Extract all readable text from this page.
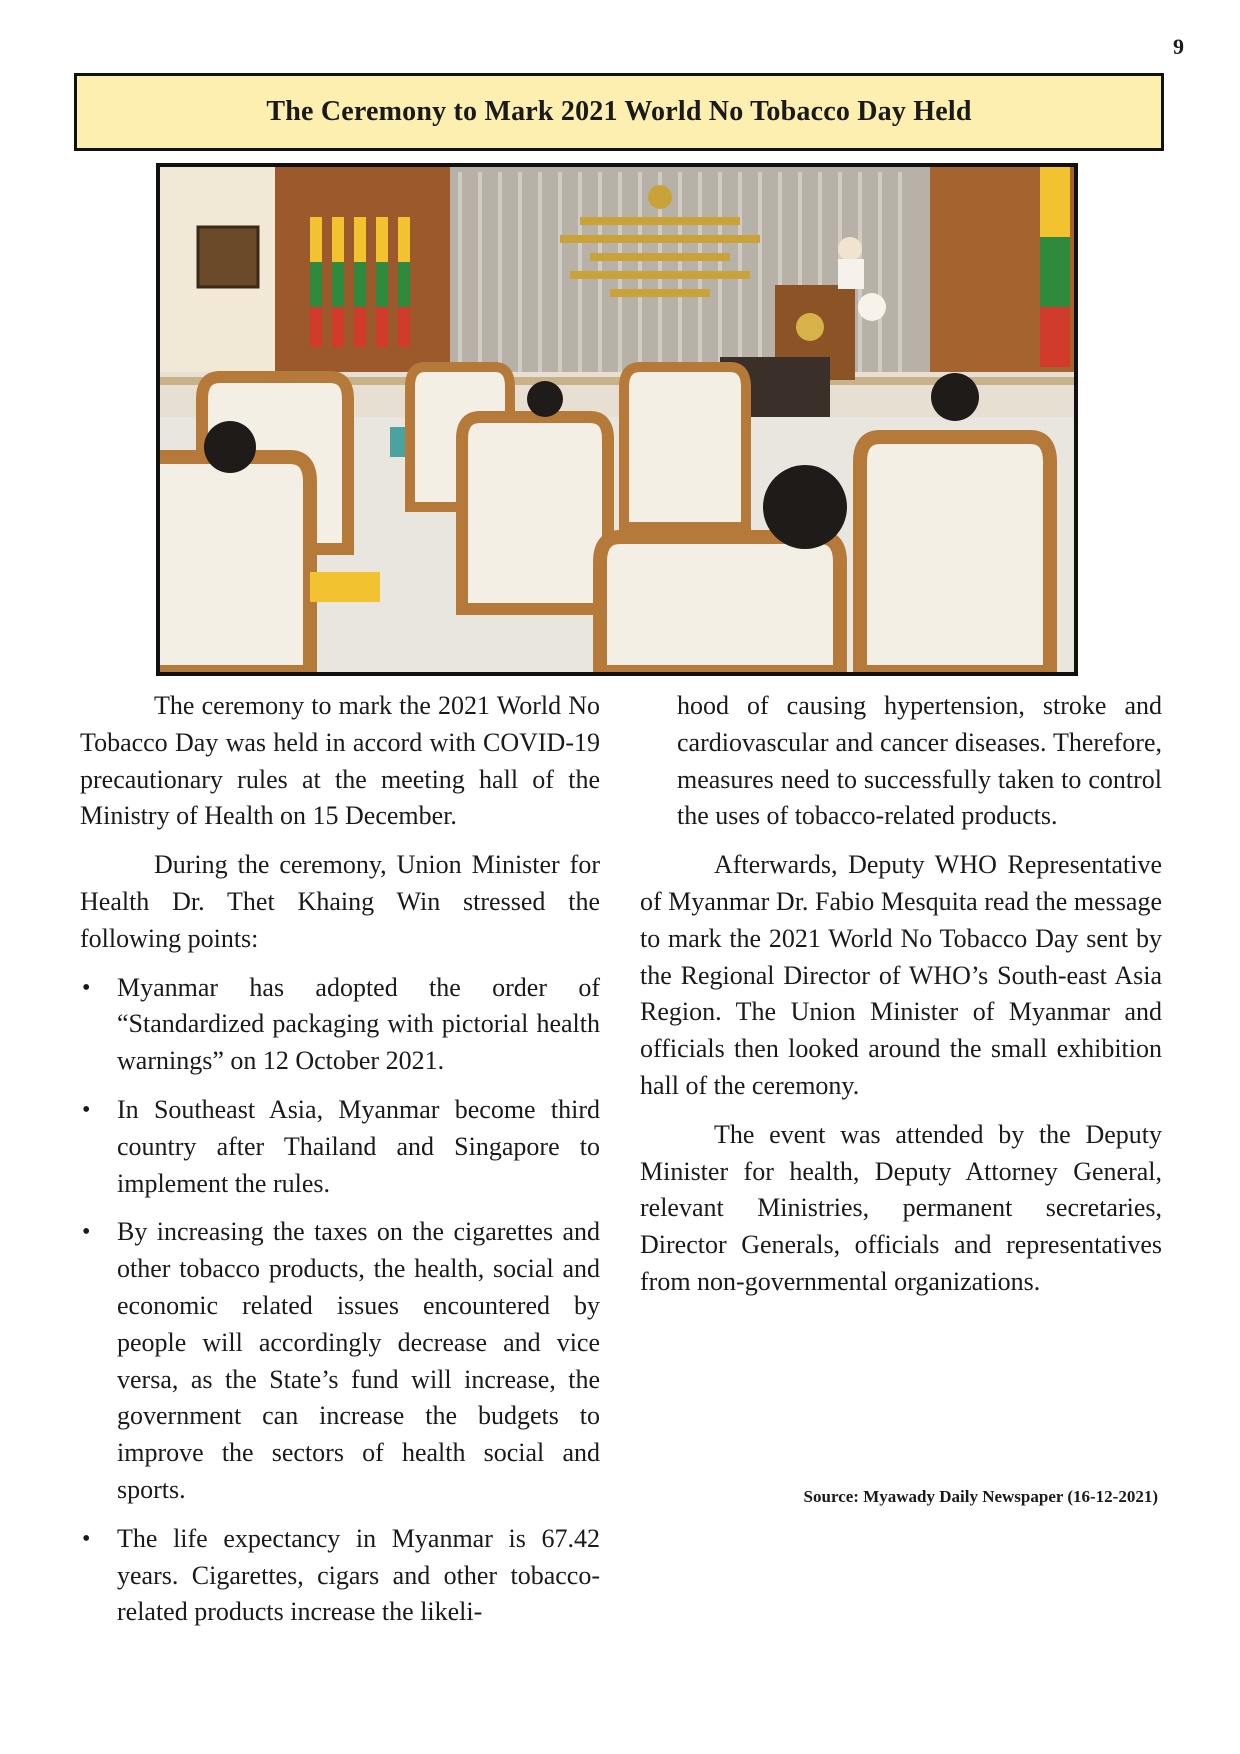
9
The Ceremony to Mark 2021 World No Tobacco Day Held

The ceremony to mark the 2021 World No Tobacco Day was held in accord with COVID-19 precautionary rules at the meeting hall of the Ministry of Health on 15 December.

During the ceremony, Union Minister for Health Dr. Thet Khaing Win stressed the following points:

• Myanmar has adopted the order of “Standardized packaging with pictorial health warnings” on 12 October 2021.
• In Southeast Asia, Myanmar become third country after Thailand and Singapore to implement the rules.
• By increasing the taxes on the cigarettes and other tobacco products, the health, social and economic related issues encountered by people will accordingly decrease and vice versa, as the State’s fund will increase, the government can increase the budgets to improve the sectors of health social and sports.
• The life expectancy in Myanmar is 67.42 years. Cigarettes, cigars and other tobacco-related products increase the likeli-

hood of causing hypertension, stroke and cardiovascular and cancer diseases. Therefore, measures need to successfully taken to control the uses of tobacco-related products.

Afterwards, Deputy WHO Representative of Myanmar Dr. Fabio Mesquita read the message to mark the 2021 World No Tobacco Day sent by the Regional Director of WHO’s South-east Asia Region. The Union Minister of Myanmar and officials then looked around the small exhibition hall of the ceremony.

The event was attended by the Deputy Minister for health, Deputy Attorney General, relevant Ministries, permanent secretaries, Director Generals, officials and representatives from non-governmental organizations.

Source: Myawady Daily Newspaper (16-12-2021)
